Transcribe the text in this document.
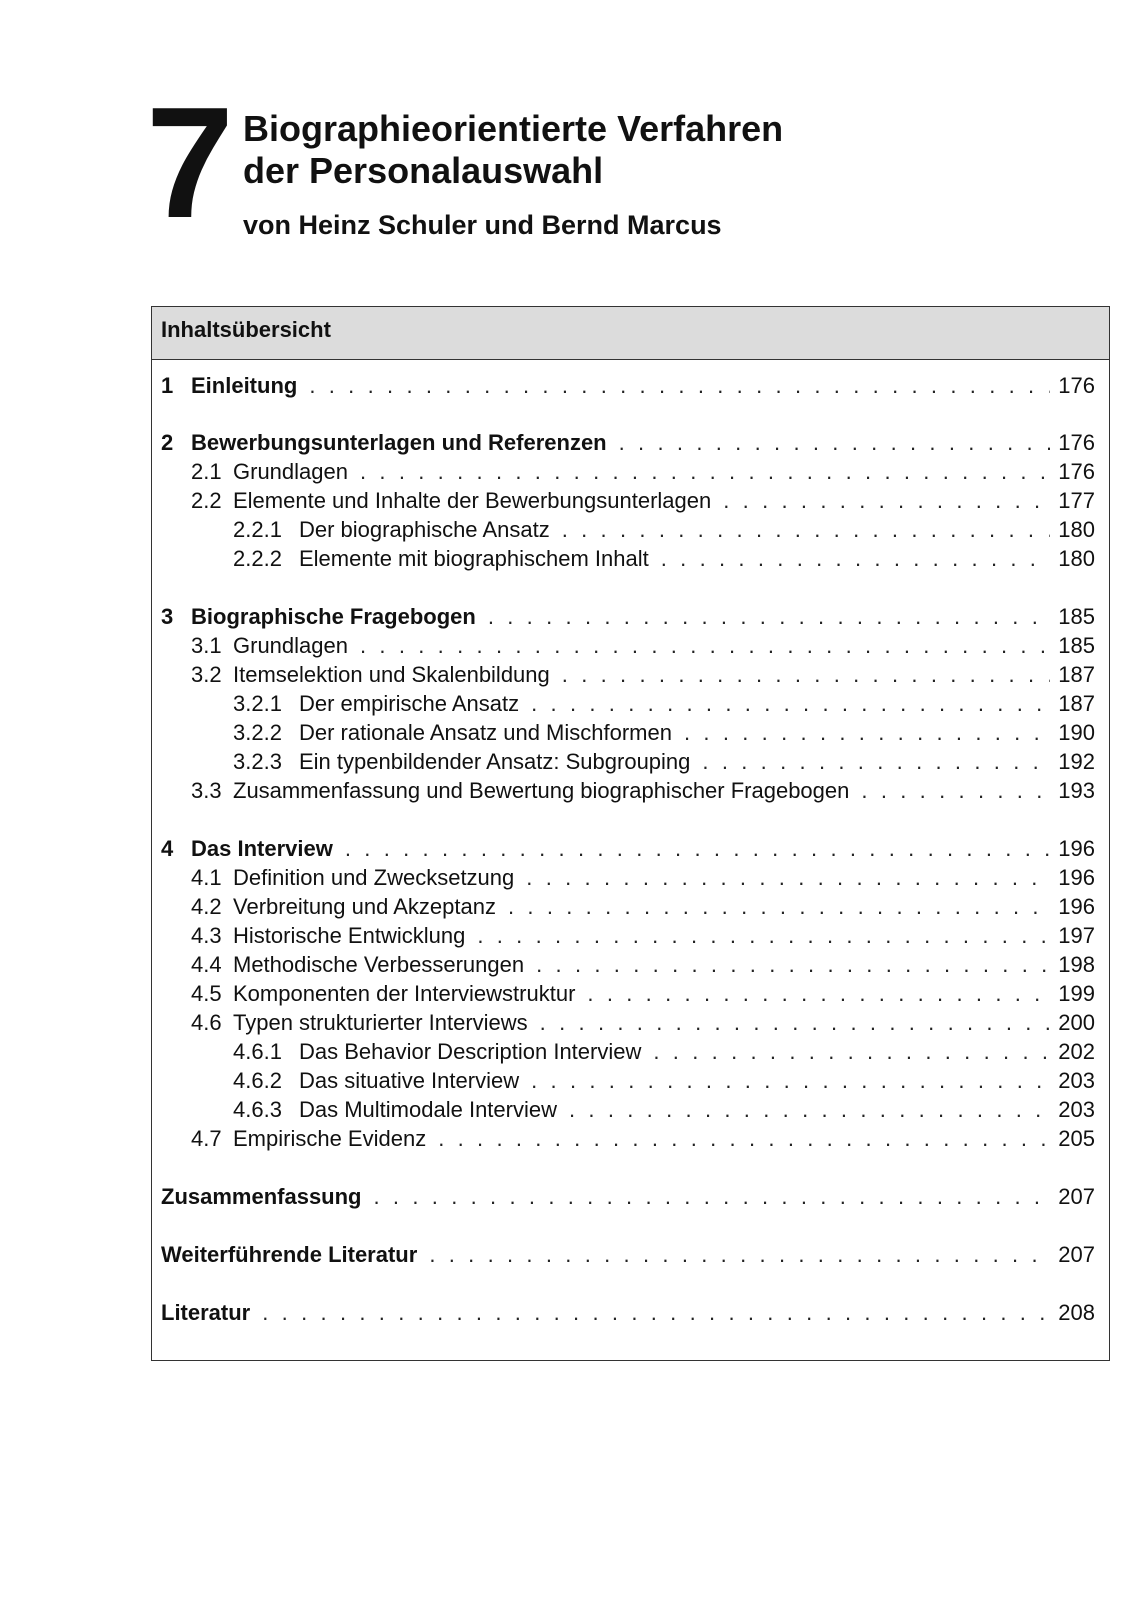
7 Biographieorientierte Verfahren
der Personalauswahl

von Heinz Schuler und Bernd Marcus

Inhaltsübersicht
1 Einleitung . . .	176
2 Bewerbungsunterlagen und Referenzen . . .	176
2.1 Grundlagen . . .	176
2.2 Elemente und Inhalte der Bewerbungsunterlagen . . .	177
2.2.1 Der biographische Ansatz . . .	180
2.2.2 Elemente mit biographischem Inhalt . . .	180
3 Biographische Fragebogen . . .	185
3.1 Grundlagen . . .	185
3.2 Itemselektion und Skalenbildung . . .	187
3.2.1 Der empirische Ansatz . . .	187
3.2.2 Der rationale Ansatz und Mischformen . . .	190
3.2.3 Ein typenbildender Ansatz: Subgrouping . . .	192
3.3 Zusammenfassung und Bewertung biographischer Fragebogen . . .	193
4 Das Interview . . .	196
4.1 Definition und Zwecksetzung . . .	196
4.2 Verbreitung und Akzeptanz . . .	196
4.3 Historische Entwicklung . . .	197
4.4 Methodische Verbesserungen . . .	198
4.5 Komponenten der Interviewstruktur . . .	199
4.6 Typen strukturierter Interviews . . .	200
4.6.1 Das Behavior Description Interview . . .	202
4.6.2 Das situative Interview . . .	203
4.6.3 Das Multimodale Interview . . .	203
4.7 Empirische Evidenz . . .	205
Zusammenfassung . . .	207
Weiterführende Literatur . . .	207
Literatur . . .	208
